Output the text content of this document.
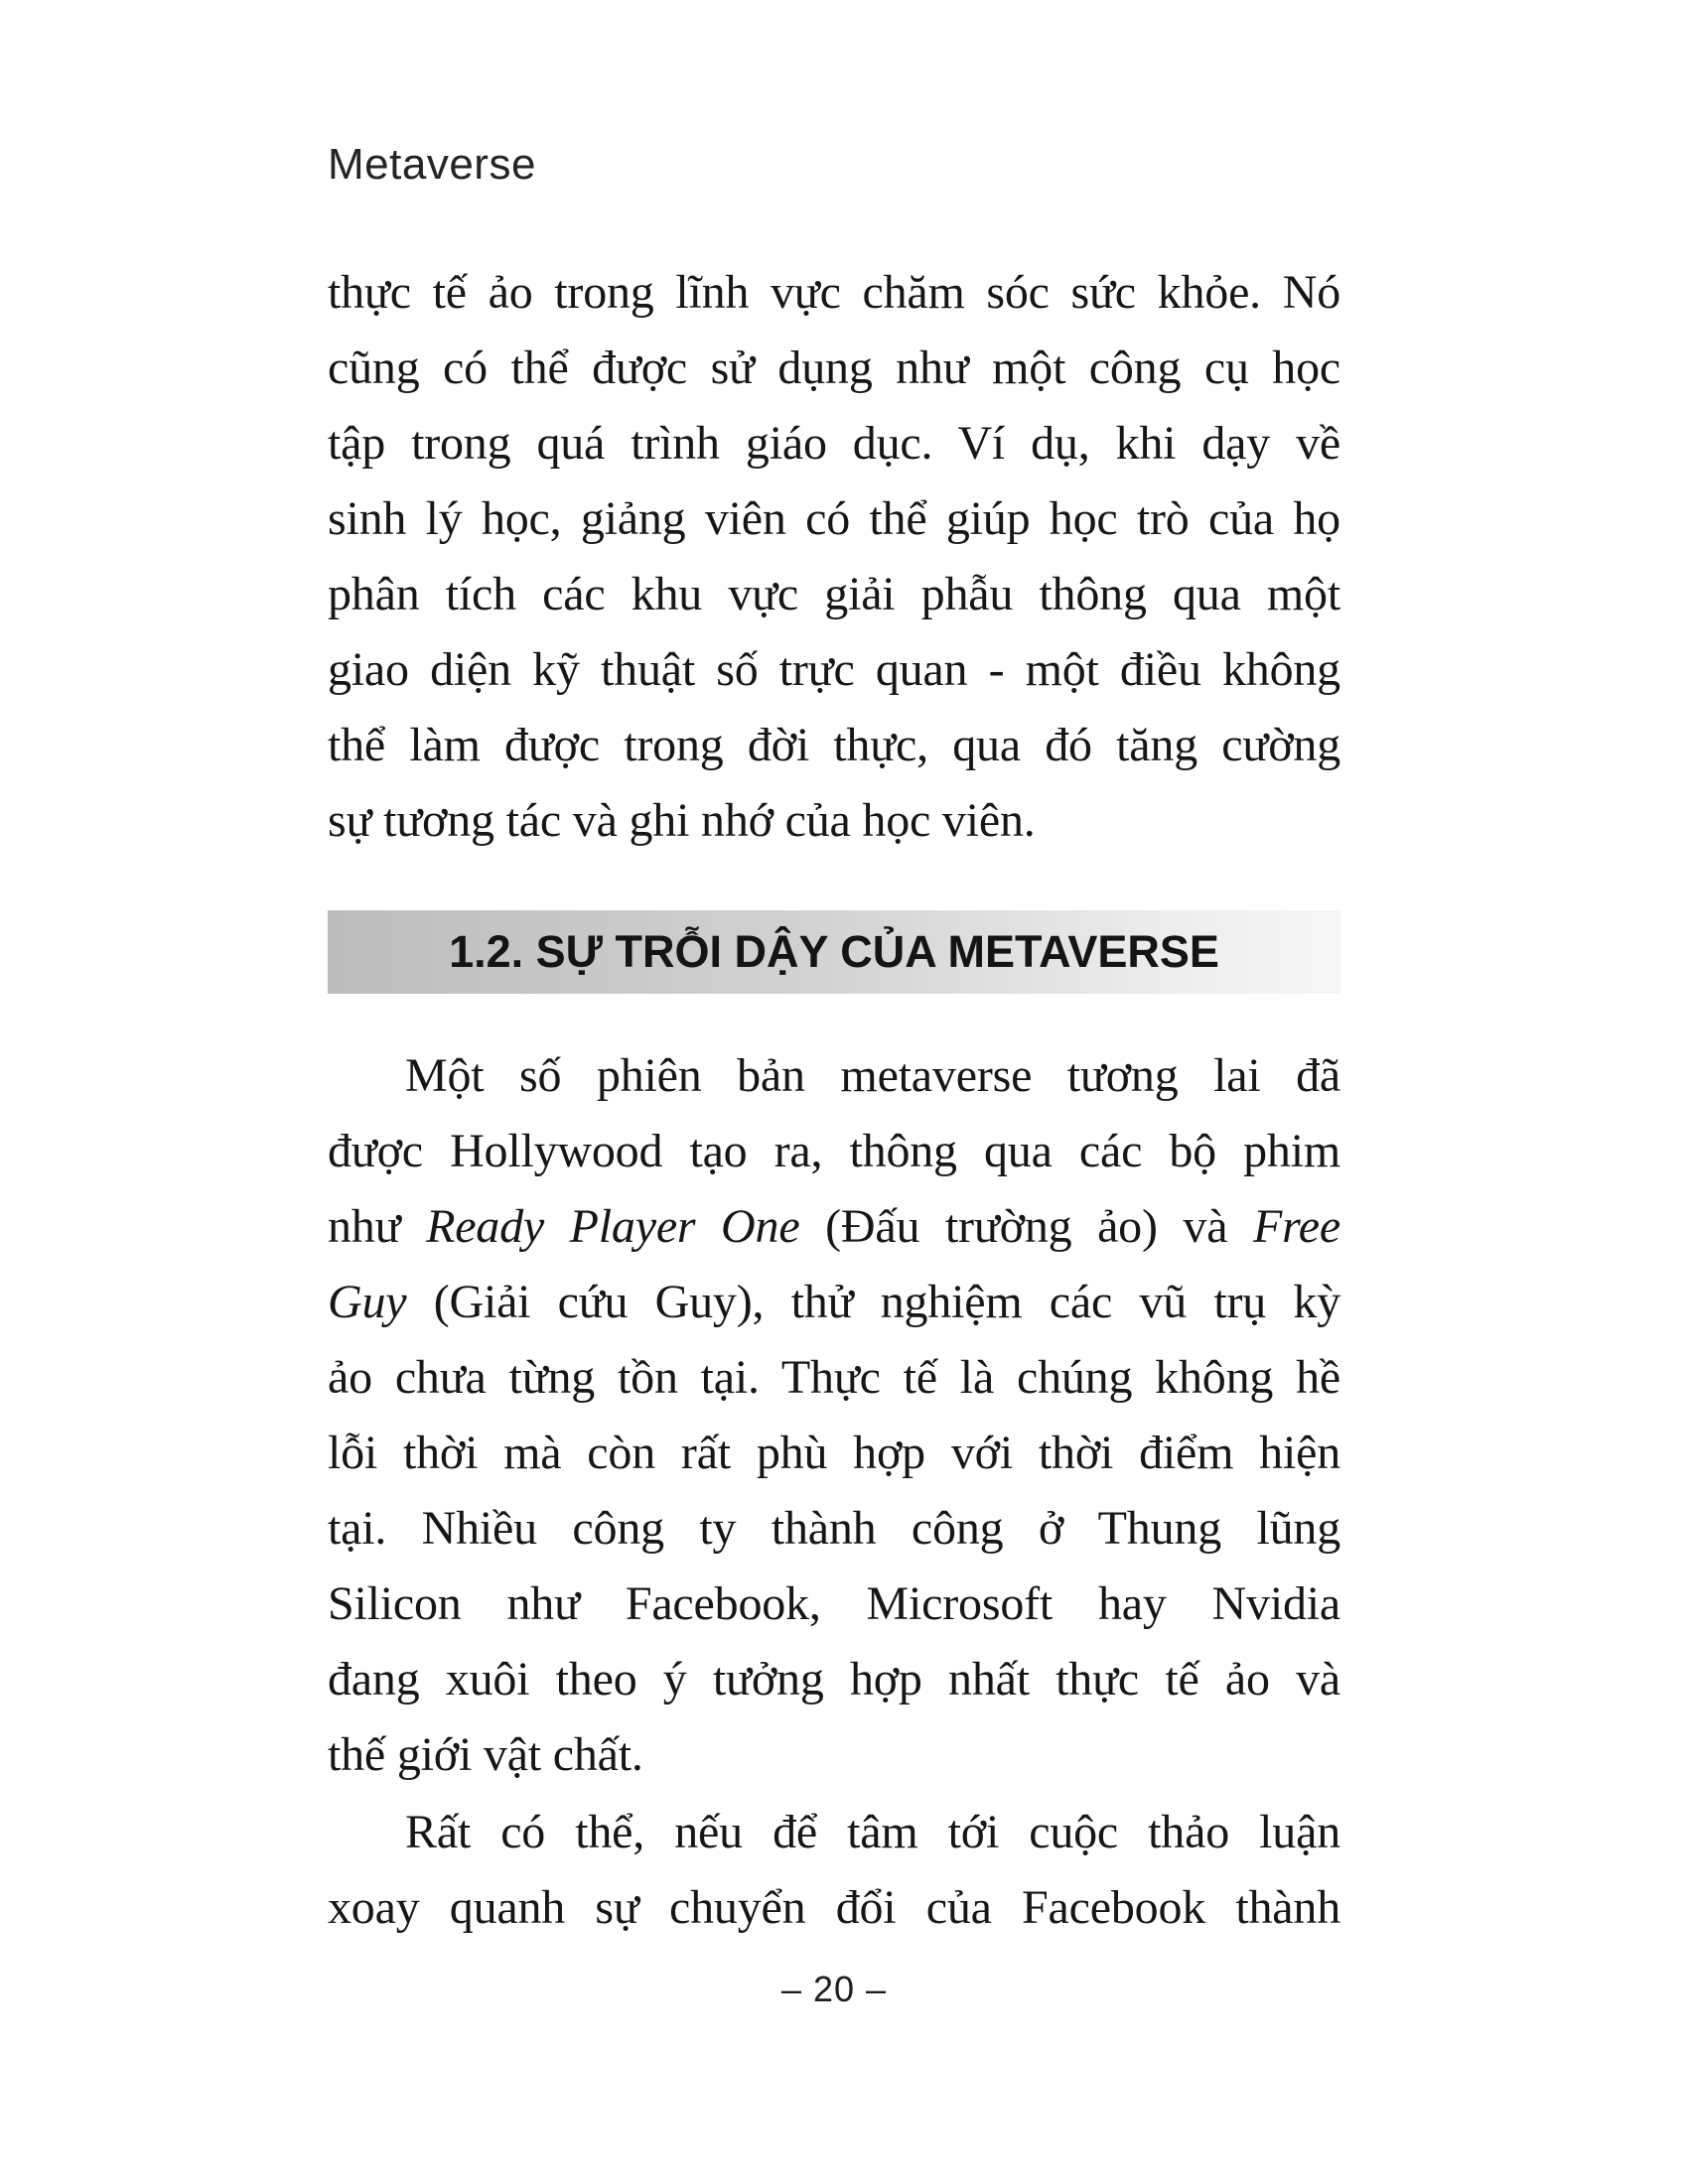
Metaverse
thực tế ảo trong lĩnh vực chăm sóc sức khỏe. Nó
cũng có thể được sử dụng như một công cụ học
tập trong quá trình giáo dục. Ví dụ, khi dạy về
sinh lý học, giảng viên có thể giúp học trò của họ
phân tích các khu vực giải phẫu thông qua một
giao diện kỹ thuật số trực quan - một điều không
thể làm được trong đời thực, qua đó tăng cường
sự tương tác và ghi nhớ của học viên.
1.2. SỰ TRỖI DẬY CỦA METAVERSE
Một số phiên bản metaverse tương lai đã
được Hollywood tạo ra, thông qua các bộ phim
như Ready Player One (Đấu trường ảo) và Free
Guy (Giải cứu Guy), thử nghiệm các vũ trụ kỳ
ảo chưa từng tồn tại. Thực tế là chúng không hề
lỗi thời mà còn rất phù hợp với thời điểm hiện
tại. Nhiều công ty thành công ở Thung lũng
Silicon như Facebook, Microsoft hay Nvidia
đang xuôi theo ý tưởng hợp nhất thực tế ảo và
thế giới vật chất.
Rất có thể, nếu để tâm tới cuộc thảo luận
xoay quanh sự chuyển đổi của Facebook thành
– 20 –
